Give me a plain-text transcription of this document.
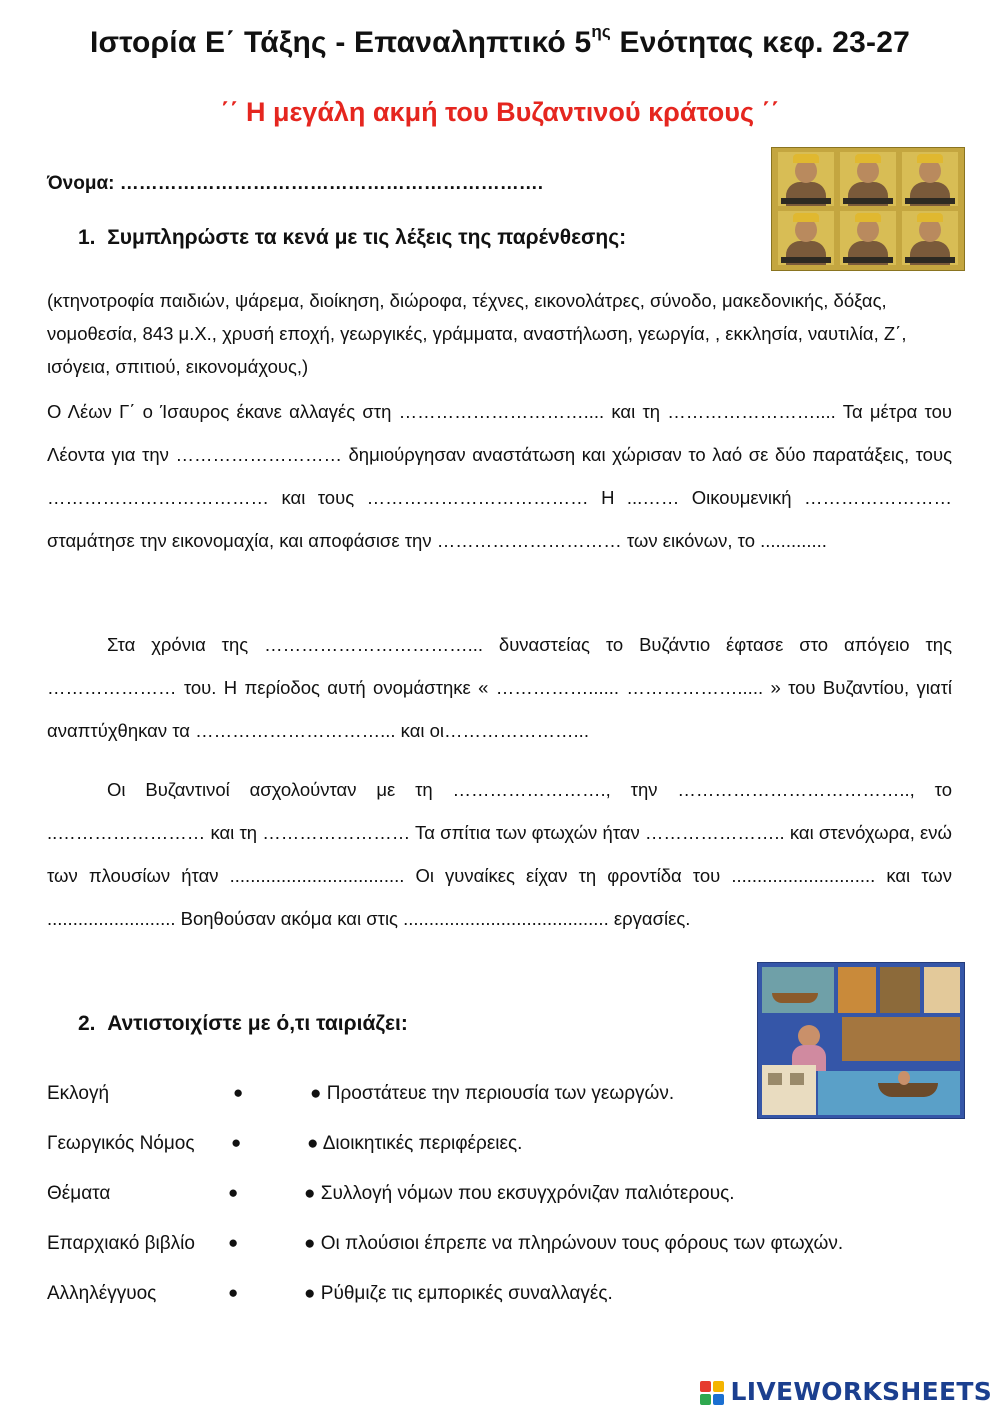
Ιστορία Ε΄ Τάξης - Επαναληπτικό $5^{\eta\varsigma}$ Ενότητας κεφ. 23-27
΄΄ Η μεγάλη ακμή του Βυζαντινού κράτους ΄΄
Όνομα: ………………………………………………………….
1. Συμπληρώστε τα κενά με τις λέξεις της παρένθεσης:
(κτηνοτροφία παιδιών, ψάρεμα, διοίκηση, διώροφα, τέχνες, εικονολάτρες, σύνοδο, μακεδονικής, δόξας, νομοθεσία, 843 μ.Χ., χρυσή εποχή, γεωργικές, γράμματα, αναστήλωση, γεωργία, , εκκλησία, ναυτιλία, Ζ΄, ισόγεια, σπιτιού, εικονομάχους,)
Ο Λέων Γ΄ ο Ίσαυρος έκανε αλλαγές στη ………………………….... και τη …………………….... Τα μέτρα του Λέοντα για την ……………………… δημιούργησαν αναστάτωση και χώρισαν το λαό σε δύο παρατάξεις, τους ……………………………… και τους ……………………………… Η ...…… Οικουμενική …………………… σταμάτησε την εικονομαχία, και αποφάσισε την ………………………… των εικόνων, το .............
Στα χρόνια της ……………………………... δυναστείας το Βυζάντιο έφτασε στο απόγειο της ………………… του. Η περίοδος αυτή ονομάστηκε « ……………...... ………………..... » του Βυζαντίου, γιατί αναπτύχθηκαν τα …………………………... και οι…………………...
Οι Βυζαντινοί ασχολούνταν με τη ……………………., την ……………………………….., το ..…………………… και τη …………………… Τα σπίτια των φτωχών ήταν ………………….. και στενόχωρα, ενώ των πλουσίων ήταν .................................. Οι γυναίκες είχαν τη φροντίδα του ............................ και των ......................... Βοηθούσαν ακόμα και στις ........................................ εργασίες.
2. Αντιστοιχίστε με ό,τι ταιριάζει:
Εκλογή	●	● Προστάτευε την περιουσία των γεωργών.
Γεωργικός Νόμος ●	● Διοικητικές περιφέρειες.
Θέματα	●	● Συλλογή νόμων που εκσυγχρόνιζαν παλιότερους.
Επαρχιακό βιβλίο ●	● Οι πλούσιοι έπρεπε να πληρώνουν τους φόρους των φτωχών.
Αλληλέγγυος	●	● Ρύθμιζε τις εμπορικές συναλλαγές.
LIVEWORKSHEETS
